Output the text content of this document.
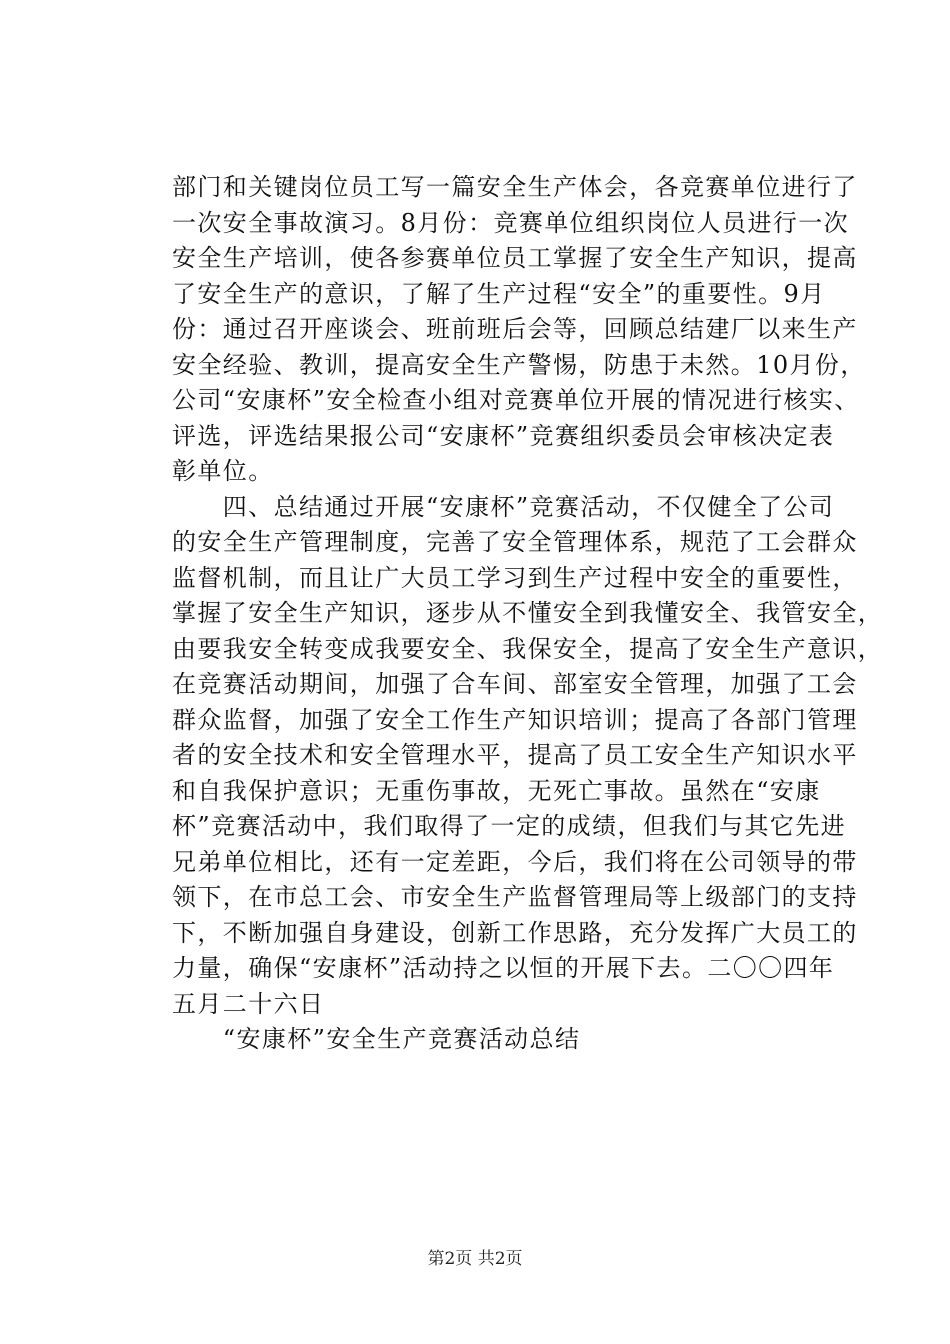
部门和关键岗位员工写一篇安全生产体会，各竞赛单位进行了
一次安全事故演习。8月份：竞赛单位组织岗位人员进行一次
安全生产培训，使各参赛单位员工掌握了安全生产知识，提高
了安全生产的意识，了解了生产过程“安全”的重要性。9月
份：通过召开座谈会、班前班后会等，回顾总结建厂以来生产
安全经验、教训，提高安全生产警惕，防患于未然。10月份，
公司“安康杯”安全检查小组对竞赛单位开展的情况进行核实、
评选，评选结果报公司“安康杯”竞赛组织委员会审核决定表
彰单位。
　　四、总结通过开展“安康杯”竞赛活动，不仅健全了公司
的安全生产管理制度，完善了安全管理体系，规范了工会群众
监督机制，而且让广大员工学习到生产过程中安全的重要性，
掌握了安全生产知识，逐步从不懂安全到我懂安全、我管安全，
由要我安全转变成我要安全、我保安全，提高了安全生产意识，
在竞赛活动期间，加强了合车间、部室安全管理，加强了工会
群众监督，加强了安全工作生产知识培训；提高了各部门管理
者的安全技术和安全管理水平，提高了员工安全生产知识水平
和自我保护意识；无重伤事故，无死亡事故。虽然在“安康
杯”竞赛活动中，我们取得了一定的成绩，但我们与其它先进
兄弟单位相比，还有一定差距，今后，我们将在公司领导的带
领下，在市总工会、市安全生产监督管理局等上级部门的支持
下，不断加强自身建设，创新工作思路，充分发挥广大员工的
力量，确保“安康杯”活动持之以恒的开展下去。二〇〇四年
五月二十六日
　　“安康杯”安全生产竞赛活动总结
第2页 共2页
